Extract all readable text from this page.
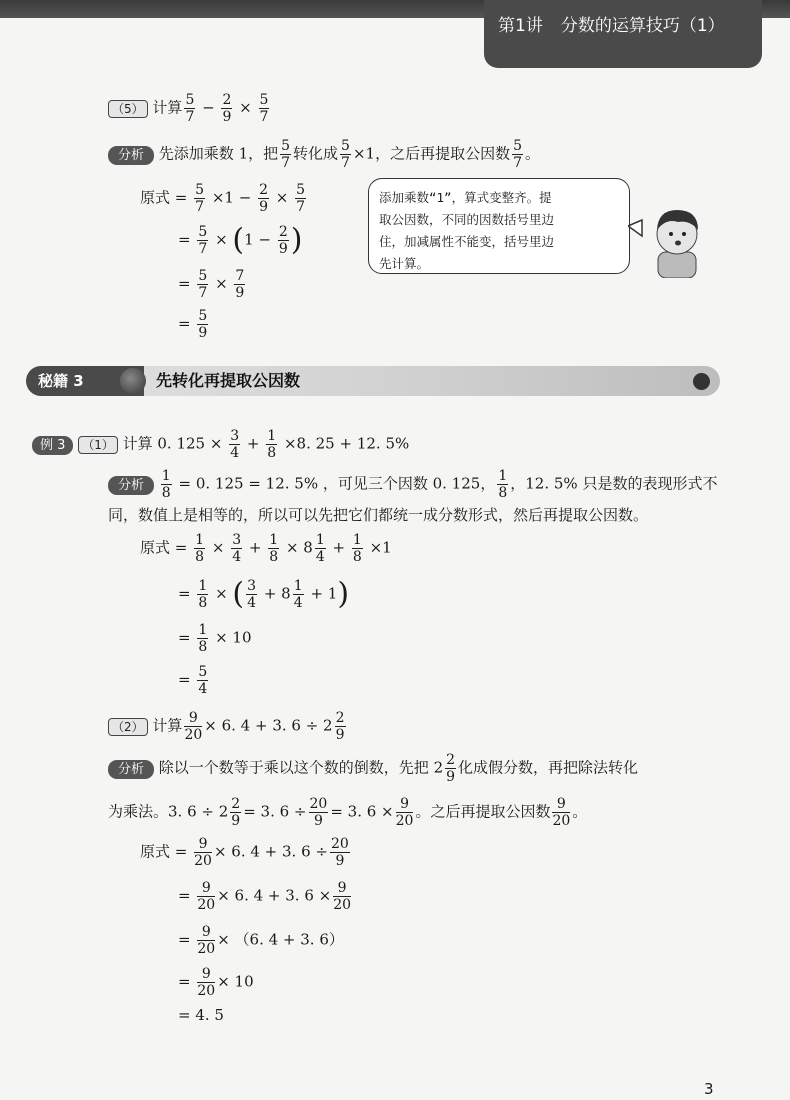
第1讲 分数的运算技巧（1）
（5） 计算 $\frac{5}{7} - \frac{2}{9} \times \frac{5}{7}$
分析 先添加乘数 1，把 $\frac{5}{7}$ 转化成 $\frac{5}{7} \times 1$，之后再提取公因数 $\frac{5}{7}$ 。
原式 = $\frac{5}{7} \times 1 - \frac{2}{9} \times \frac{5}{7}$
= $\frac{5}{7} \times (1 - \frac{2}{9}$ )
= $\frac{5}{7} \times \frac{7}{9}$
= $\frac{5}{9}$
添加乘数“1”，算式变整齐。提
取公因数，不同的因数括号里边
住，加减属性不能变，括号里边
先计算。
秘籍 3	先转化再提取公因数
例 3 （1） 计算 0. $125 \times \frac{3}{4} + \frac{1}{8} \times 8$. 25 + 12. 5%
分析 $\frac{1}{8} = 0$. 125 = 12. 5% ，可见三个因数 0. 125， $\frac{1}{8}$ ，12. 5% 只是数的表现形式不
同，数值上是相等的，所以可以先把它们都统一成分数形式，然后再提取公因数。
原式 = $\frac{1}{8} \times \frac{3}{4} + \frac{1}{8} \times 8 \frac{1}{4} + \frac{1}{8} \times 1$
= $\frac{1}{8}$ × ( $\frac{3}{4} + 8 \frac{1}{4} + 1$)
= $\frac{1}{8} \times 10$
= $\frac{5}{4}$
（2） 计算 $\frac{9}{20} \times 6$. 4 + 3. $6 \div 2 \frac{2}{9}$
分析 除以一个数等于乘以这个数的倒数，先把 $2 \frac{2}{9}$ 化成假分数，再把除法转化
为乘法。3. $6 \div 2 \frac{2}{9} = 3$. $6 \div \frac{20}{9} = 3$. $6 \times \frac{9}{20}$ 。之后再提取公因数 $\frac{9}{20}$ 。
原式 = $\frac{9}{20} \times 6$. 4 + 3. $6 \div \frac{20}{9}$
= $\frac{9}{20} \times 6$. 4 + 3. $6 \times \frac{9}{20}$
= $\frac{9}{20} \times (6$. 4 + 3. 6）
= $\frac{9}{20} \times 10$
= 4. 5
3
